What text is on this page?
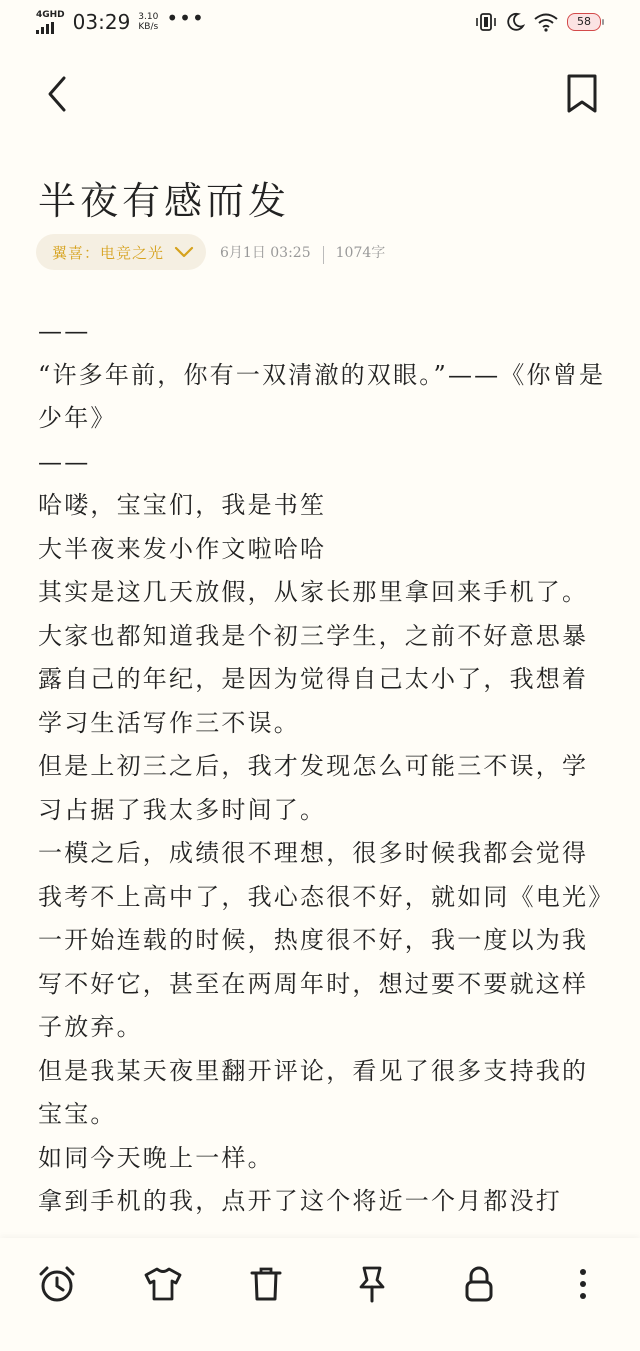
4GHD 03:29 3.10
KB/s •••	58
半夜有感而发
翼喜：电竞之光	6月1日 03:25 1074字

——

“许多年前，你有一双清澈的双眼。”——《你曾是少年》

——

哈喽，宝宝们，我是书笙

大半夜来发小作文啦哈哈

其实是这几天放假，从家长那里拿回来手机了。

大家也都知道我是个初三学生，之前不好意思暴露自己的年纪，是因为觉得自己太小了，我想着学习生活写作三不误。

但是上初三之后，我才发现怎么可能三不误，学习占据了我太多时间了。

一模之后，成绩很不理想，很多时候我都会觉得我考不上高中了，我心态很不好，就如同《电光》一开始连载的时候，热度很不好，我一度以为我写不好它，甚至在两周年时，想过要不要就这样子放弃。

但是我某天夜里翻开评论，看见了很多支持我的宝宝。

如同今天晚上一样。

拿到手机的我，点开了这个将近一个月都没打
